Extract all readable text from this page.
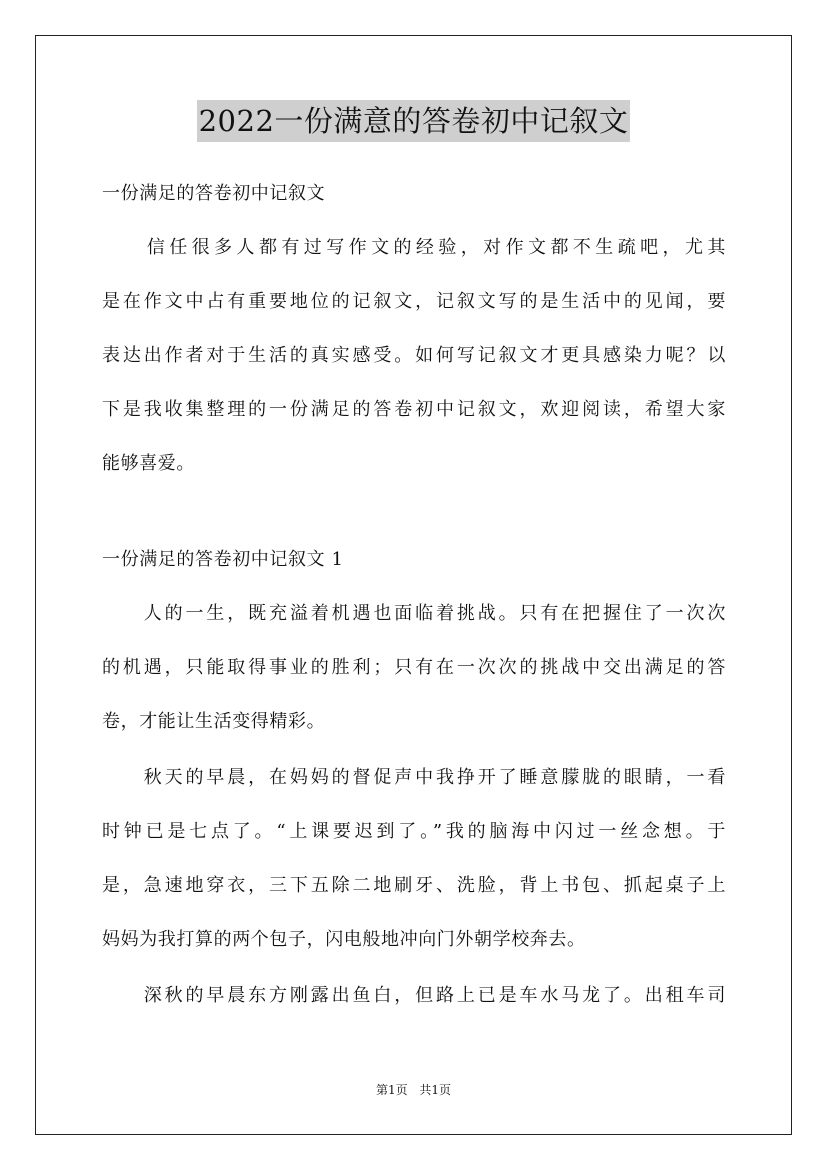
2022一份满意的答卷初中记叙文
一份满足的答卷初中记叙文
　　信任很多人都有过写作文的经验，对作文都不生疏吧，尤其
是在作文中占有重要地位的记叙文，记叙文写的是生活中的见闻，要
表达出作者对于生活的真实感受。如何写记叙文才更具感染力呢？以
下是我收集整理的一份满足的答卷初中记叙文，欢迎阅读，希望大家
能够喜爱。
一份满足的答卷初中记叙文 1
　　人的一生，既充溢着机遇也面临着挑战。只有在把握住了一次次
的机遇，只能取得事业的胜利；只有在一次次的挑战中交出满足的答
卷，才能让生活变得精彩。
　　秋天的早晨，在妈妈的督促声中我挣开了睡意朦胧的眼睛，一看
时钟已是七点了。“上课要迟到了。”我的脑海中闪过一丝念想。于
是，急速地穿衣，三下五除二地刷牙、洗脸，背上书包、抓起桌子上
妈妈为我打算的两个包子，闪电般地冲向门外朝学校奔去。
　　深秋的早晨东方刚露出鱼白，但路上已是车水马龙了。出租车司
第1页 共1页
